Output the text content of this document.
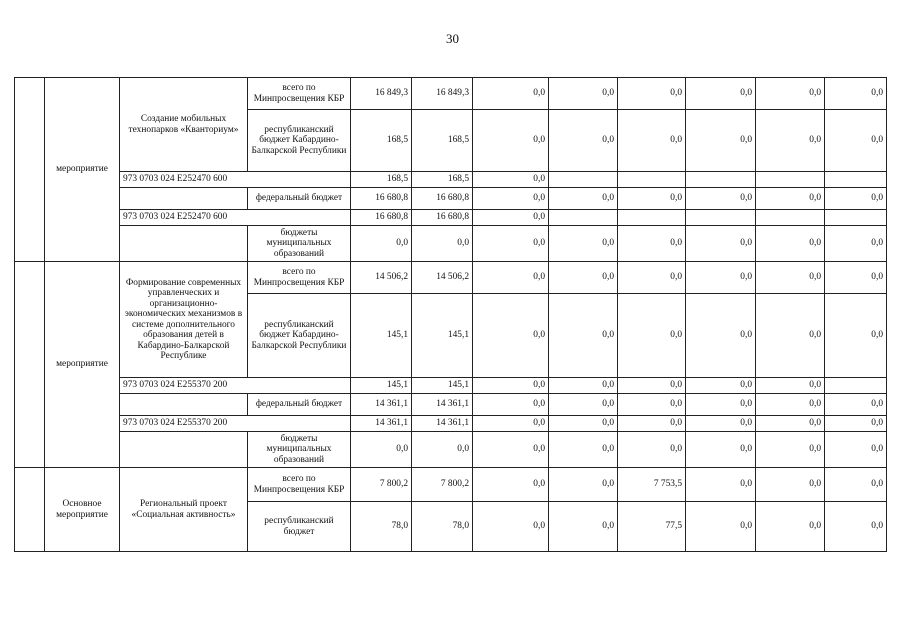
30
	мероприятие	Создание мобильных технопарков «Кванториум»	всего по Минпросвещения КБР	16 849,3	16 849,3	0,0	0,0	0,0	0,0	0,0	0,0
			республиканский бюджет Кабардино-Балкарской Республики	168,5	168,5	0,0	0,0	0,0	0,0	0,0	0,0
		973 0703 024 E252470 600		168,5	168,5	0,0					
			федеральный бюджет	16 680,8	16 680,8	0,0	0,0	0,0	0,0	0,0	0,0
		973 0703 024 E252470 600		16 680,8	16 680,8	0,0					
			бюджеты муниципальных образований	0,0	0,0	0,0	0,0	0,0	0,0	0,0	0,0
	мероприятие	Формирование современных управленческих и организационно-экономических механизмов в системе дополнительного образования детей в Кабардино-Балкарской Республике	всего по Минпросвещения КБР	14 506,2	14 506,2	0,0	0,0	0,0	0,0	0,0	0,0
			республиканский бюджет Кабардино-Балкарской Республики	145,1	145,1	0,0	0,0	0,0	0,0	0,0	0,0
		973 0703 024 E255370 200		145,1	145,1	0,0	0,0	0,0	0,0	0,0	
			федеральный бюджет	14 361,1	14 361,1	0,0	0,0	0,0	0,0	0,0	0,0
		973 0703 024 E255370 200		14 361,1	14 361,1	0,0	0,0	0,0	0,0	0,0	0,0
			бюджеты муниципальных образований	0,0	0,0	0,0	0,0	0,0	0,0	0,0	0,0
	Основное мероприятие	Региональный проект «Социальная активность»	всего по Минпросвещения КБР	7 800,2	7 800,2	0,0	0,0	7 753,5	0,0	0,0	0,0
			республиканский бюджет	78,0	78,0	0,0	0,0	77,5	0,0	0,0	0,0
